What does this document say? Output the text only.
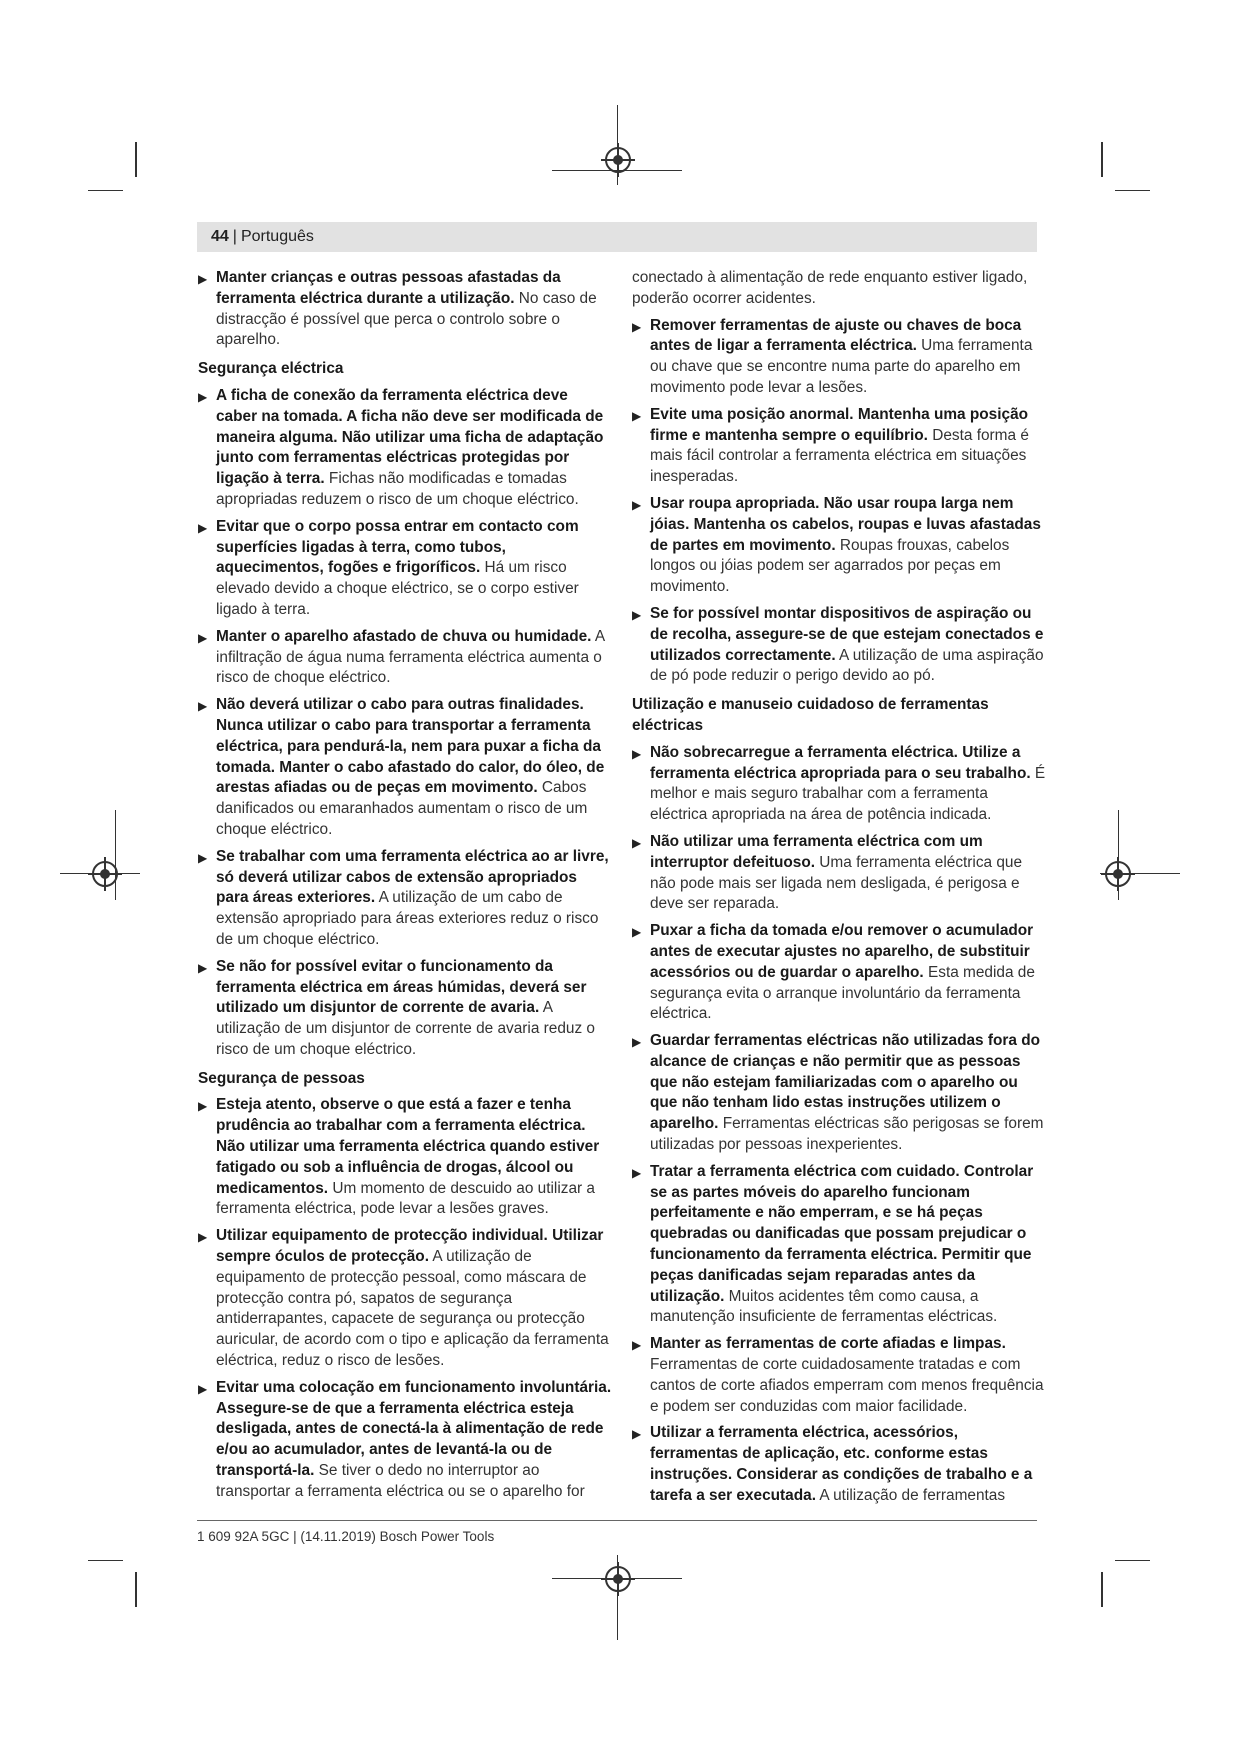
44 | Português
▶ Manter crianças e outras pessoas afastadas da ferramenta eléctrica durante a utilização. No caso de distracção é possível que perca o controlo sobre o aparelho.
Segurança eléctrica
▶ A ficha de conexão da ferramenta eléctrica deve caber na tomada. A ficha não deve ser modificada de maneira alguma. Não utilizar uma ficha de adaptação junto com ferramentas eléctricas protegidas por ligação à terra. Fichas não modificadas e tomadas apropriadas reduzem o risco de um choque eléctrico.
▶ Evitar que o corpo possa entrar em contacto com superfícies ligadas à terra, como tubos, aquecimentos, fogões e frigoríficos. Há um risco elevado devido a choque eléctrico, se o corpo estiver ligado à terra.
▶ Manter o aparelho afastado de chuva ou humidade. A infiltração de água numa ferramenta eléctrica aumenta o risco de choque eléctrico.
▶ Não deverá utilizar o cabo para outras finalidades. Nunca utilizar o cabo para transportar a ferramenta eléctrica, para pendurá-la, nem para puxar a ficha da tomada. Manter o cabo afastado do calor, do óleo, de arestas afiadas ou de peças em movimento. Cabos danificados ou emaranhados aumentam o risco de um choque eléctrico.
▶ Se trabalhar com uma ferramenta eléctrica ao ar livre, só deverá utilizar cabos de extensão apropriados para áreas exteriores. A utilização de um cabo de extensão apropriado para áreas exteriores reduz o risco de um choque eléctrico.
▶ Se não for possível evitar o funcionamento da ferramenta eléctrica em áreas húmidas, deverá ser utilizado um disjuntor de corrente de avaria. A utilização de um disjuntor de corrente de avaria reduz o risco de um choque eléctrico.
Segurança de pessoas
▶ Esteja atento, observe o que está a fazer e tenha prudência ao trabalhar com a ferramenta eléctrica. Não utilizar uma ferramenta eléctrica quando estiver fatigado ou sob a influência de drogas, álcool ou medicamentos. Um momento de descuido ao utilizar a ferramenta eléctrica, pode levar a lesões graves.
▶ Utilizar equipamento de protecção individual. Utilizar sempre óculos de protecção. A utilização de equipamento de protecção pessoal, como máscara de protecção contra pó, sapatos de segurança antiderrapantes, capacete de segurança ou protecção auricular, de acordo com o tipo e aplicação da ferramenta eléctrica, reduz o risco de lesões.
▶ Evitar uma colocação em funcionamento involuntária. Assegure-se de que a ferramenta eléctrica esteja desligada, antes de conectá-la à alimentação de rede e/ou ao acumulador, antes de levantá-la ou de transportá-la. Se tiver o dedo no interruptor ao transportar a ferramenta eléctrica ou se o aparelho for
conectado à alimentação de rede enquanto estiver ligado, poderão ocorrer acidentes.
▶ Remover ferramentas de ajuste ou chaves de boca antes de ligar a ferramenta eléctrica. Uma ferramenta ou chave que se encontre numa parte do aparelho em movimento pode levar a lesões.
▶ Evite uma posição anormal. Mantenha uma posição firme e mantenha sempre o equilíbrio. Desta forma é mais fácil controlar a ferramenta eléctrica em situações inesperadas.
▶ Usar roupa apropriada. Não usar roupa larga nem jóias. Mantenha os cabelos, roupas e luvas afastadas de partes em movimento. Roupas frouxas, cabelos longos ou jóias podem ser agarrados por peças em movimento.
▶ Se for possível montar dispositivos de aspiração ou de recolha, assegure-se de que estejam conectados e utilizados correctamente. A utilização de uma aspiração de pó pode reduzir o perigo devido ao pó.
Utilização e manuseio cuidadoso de ferramentas eléctricas
▶ Não sobrecarregue a ferramenta eléctrica. Utilize a ferramenta eléctrica apropriada para o seu trabalho. É melhor e mais seguro trabalhar com a ferramenta eléctrica apropriada na área de potência indicada.
▶ Não utilizar uma ferramenta eléctrica com um interruptor defeituoso. Uma ferramenta eléctrica que não pode mais ser ligada nem desligada, é perigosa e deve ser reparada.
▶ Puxar a ficha da tomada e/ou remover o acumulador antes de executar ajustes no aparelho, de substituir acessórios ou de guardar o aparelho. Esta medida de segurança evita o arranque involuntário da ferramenta eléctrica.
▶ Guardar ferramentas eléctricas não utilizadas fora do alcance de crianças e não permitir que as pessoas que não estejam familiarizadas com o aparelho ou que não tenham lido estas instruções utilizem o aparelho. Ferramentas eléctricas são perigosas se forem utilizadas por pessoas inexperientes.
▶ Tratar a ferramenta eléctrica com cuidado. Controlar se as partes móveis do aparelho funcionam perfeitamente e não emperram, e se há peças quebradas ou danificadas que possam prejudicar o funcionamento da ferramenta eléctrica. Permitir que peças danificadas sejam reparadas antes da utilização. Muitos acidentes têm como causa, a manutenção insuficiente de ferramentas eléctricas.
▶ Manter as ferramentas de corte afiadas e limpas. Ferramentas de corte cuidadosamente tratadas e com cantos de corte afiados emperram com menos frequência e podem ser conduzidas com maior facilidade.
▶ Utilizar a ferramenta eléctrica, acessórios, ferramentas de aplicação, etc. conforme estas instruções. Considerar as condições de trabalho e a tarefa a ser executada. A utilização de ferramentas
1 609 92A 5GC | (14.11.2019) Bosch Power Tools
